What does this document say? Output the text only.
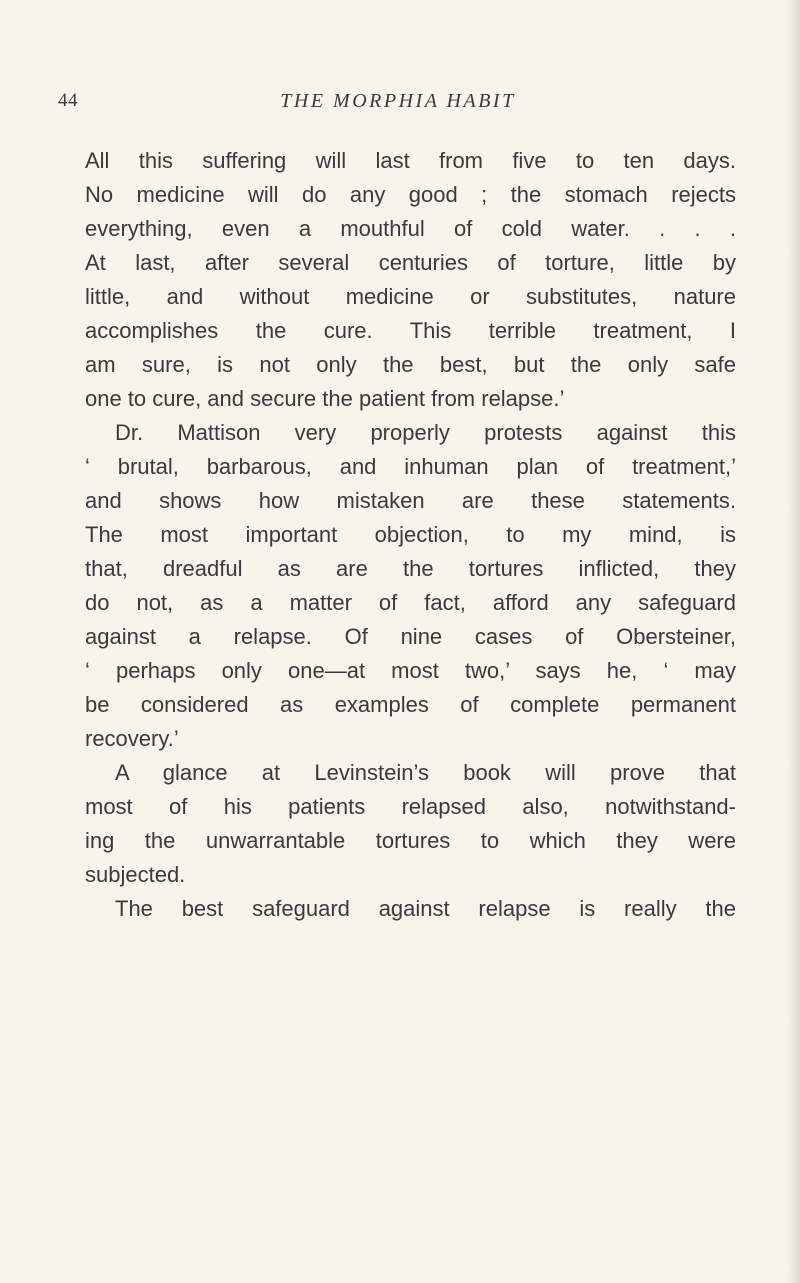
44	THE MORPHIA HABIT

All this suffering will last from five to ten days.
No medicine will do any good ; the stomach rejects
everything, even a mouthful of cold water. . . .
At last, after several centuries of torture, little by
little, and without medicine or substitutes, nature
accomplishes the cure. This terrible treatment, I
am sure, is not only the best, but the only safe
one to cure, and secure the patient from relapse.’

Dr. Mattison very properly protests against this
‘ brutal, barbarous, and inhuman plan of treatment,’
and shows how mistaken are these statements.
The most important objection, to my mind, is
that, dreadful as are the tortures inflicted, they
do not, as a matter of fact, afford any safeguard
against a relapse. Of nine cases of Obersteiner,
‘ perhaps only one—at most two,’ says he, ‘ may
be considered as examples of complete permanent
recovery.’

A glance at Levinstein’s book will prove that
most of his patients relapsed also, notwithstand-
ing the unwarrantable tortures to which they were
subjected.

The best safeguard against relapse is really the
